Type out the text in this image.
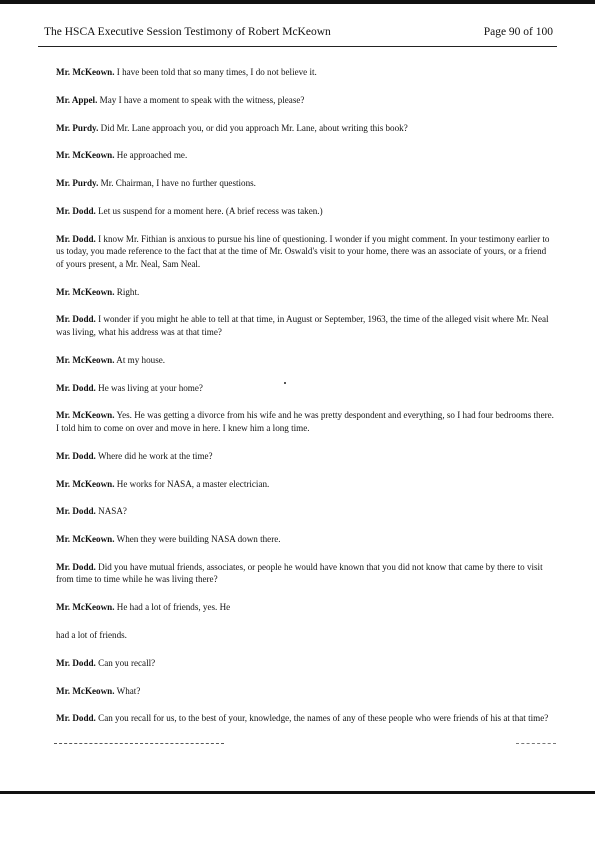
The HSCA Executive Session Testimony of Robert McKeown	Page 90 of 100

Mr. McKeown. I have been told that so many times, I do not believe it.

Mr. Appel. May I have a moment to speak with the witness, please?

Mr. Purdy. Did Mr. Lane approach you, or did you approach Mr. Lane, about writing this book?

Mr. McKeown. He approached me.

Mr. Purdy. Mr. Chairman, I have no further questions.

Mr. Dodd. Let us suspend for a moment here. (A brief recess was taken.)

Mr. Dodd. I know Mr. Fithian is anxious to pursue his line of questioning. I wonder if you might comment. In your testimony earlier to us today, you made reference to the fact that at the time of Mr. Oswald's visit to your home, there was an associate of yours, or a friend of yours present, a Mr. Neal, Sam Neal.

Mr. McKeown. Right.

Mr. Dodd. I wonder if you might he able to tell at that time, in August or September, 1963, the time of the alleged visit where Mr. Neal was living, what his address was at that time?

Mr. McKeown. At my house.

Mr. Dodd. He was living at your home?

Mr. McKeown. Yes. He was getting a divorce from his wife and he was pretty despondent and everything, so I had four bedrooms there. I told him to come on over and move in here. I knew him a long time.

Mr. Dodd. Where did he work at the time?

Mr. McKeown. He works for NASA, a master electrician.

Mr. Dodd. NASA?

Mr. McKeown. When they were building NASA down there.

Mr. Dodd. Did you have mutual friends, associates, or people he would have known that you did not know that came by there to visit from time to time while he was living there?

Mr. McKeown. He had a lot of friends, yes. He

had a lot of friends.

Mr. Dodd. Can you recall?

Mr. McKeown. What?

Mr. Dodd. Can you recall for us, to the best of your, knowledge, the names of any of these people who were friends of his at that time?
